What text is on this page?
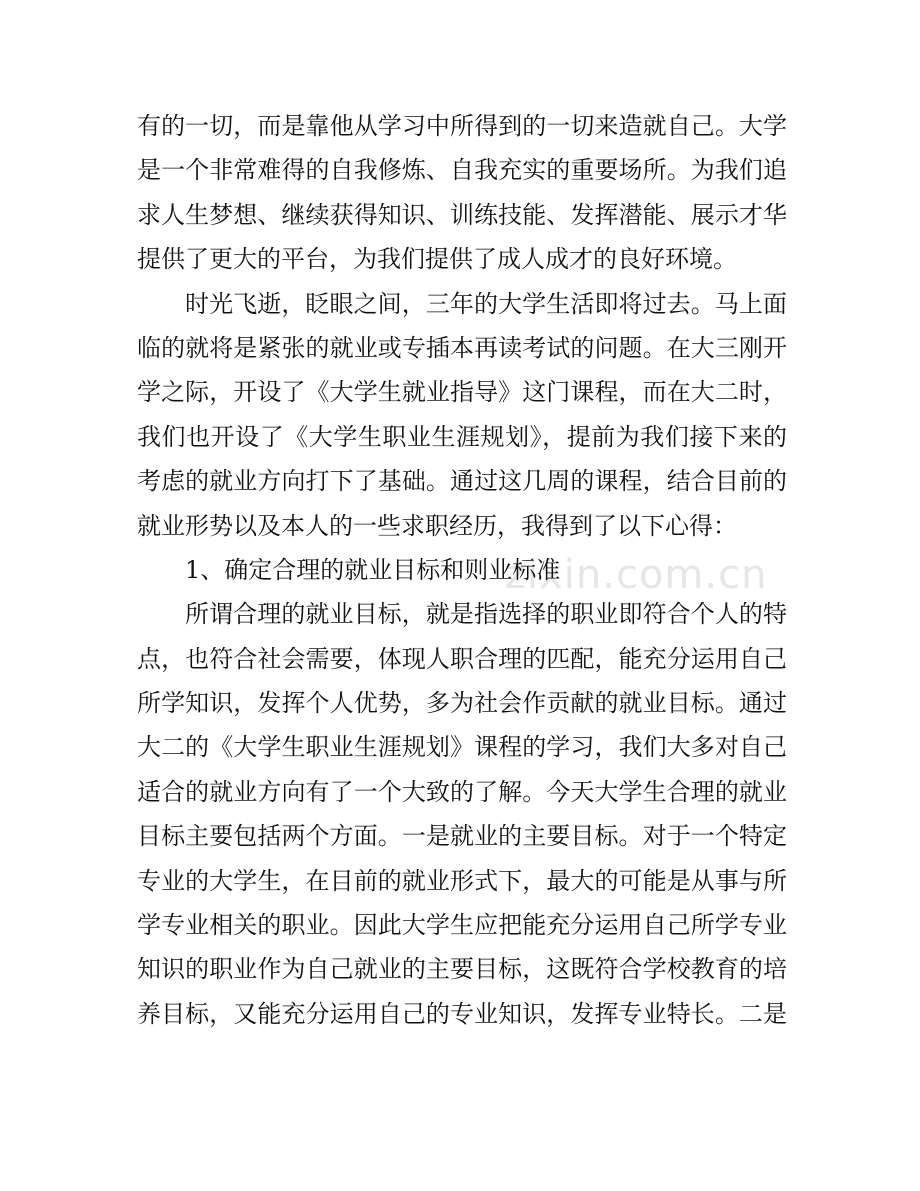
zixin.com.cn
有的一切，而是靠他从学习中所得到的一切来造就自己。大学
是一个非常难得的自我修炼、自我充实的重要场所。为我们追
求人生梦想、继续获得知识、训练技能、发挥潜能、展示才华
提供了更大的平台，为我们提供了成人成才的良好环境。
时光飞逝，眨眼之间，三年的大学生活即将过去。马上面
临的就将是紧张的就业或专插本再读考试的问题。在大三刚开
学之际，开设了《大学生就业指导》这门课程，而在大二时，
我们也开设了《大学生职业生涯规划》，提前为我们接下来的
考虑的就业方向打下了基础。通过这几周的课程，结合目前的
就业形势以及本人的一些求职经历，我得到了以下心得：
1、确定合理的就业目标和则业标准
所谓合理的就业目标，就是指选择的职业即符合个人的特
点，也符合社会需要，体现人职合理的匹配，能充分运用自己
所学知识，发挥个人优势，多为社会作贡献的就业目标。通过
大二的《大学生职业生涯规划》课程的学习，我们大多对自己
适合的就业方向有了一个大致的了解。今天大学生合理的就业
目标主要包括两个方面。一是就业的主要目标。对于一个特定
专业的大学生，在目前的就业形式下，最大的可能是从事与所
学专业相关的职业。因此大学生应把能充分运用自己所学专业
知识的职业作为自己就业的主要目标，这既符合学校教育的培
养目标，又能充分运用自己的专业知识，发挥专业特长。二是
